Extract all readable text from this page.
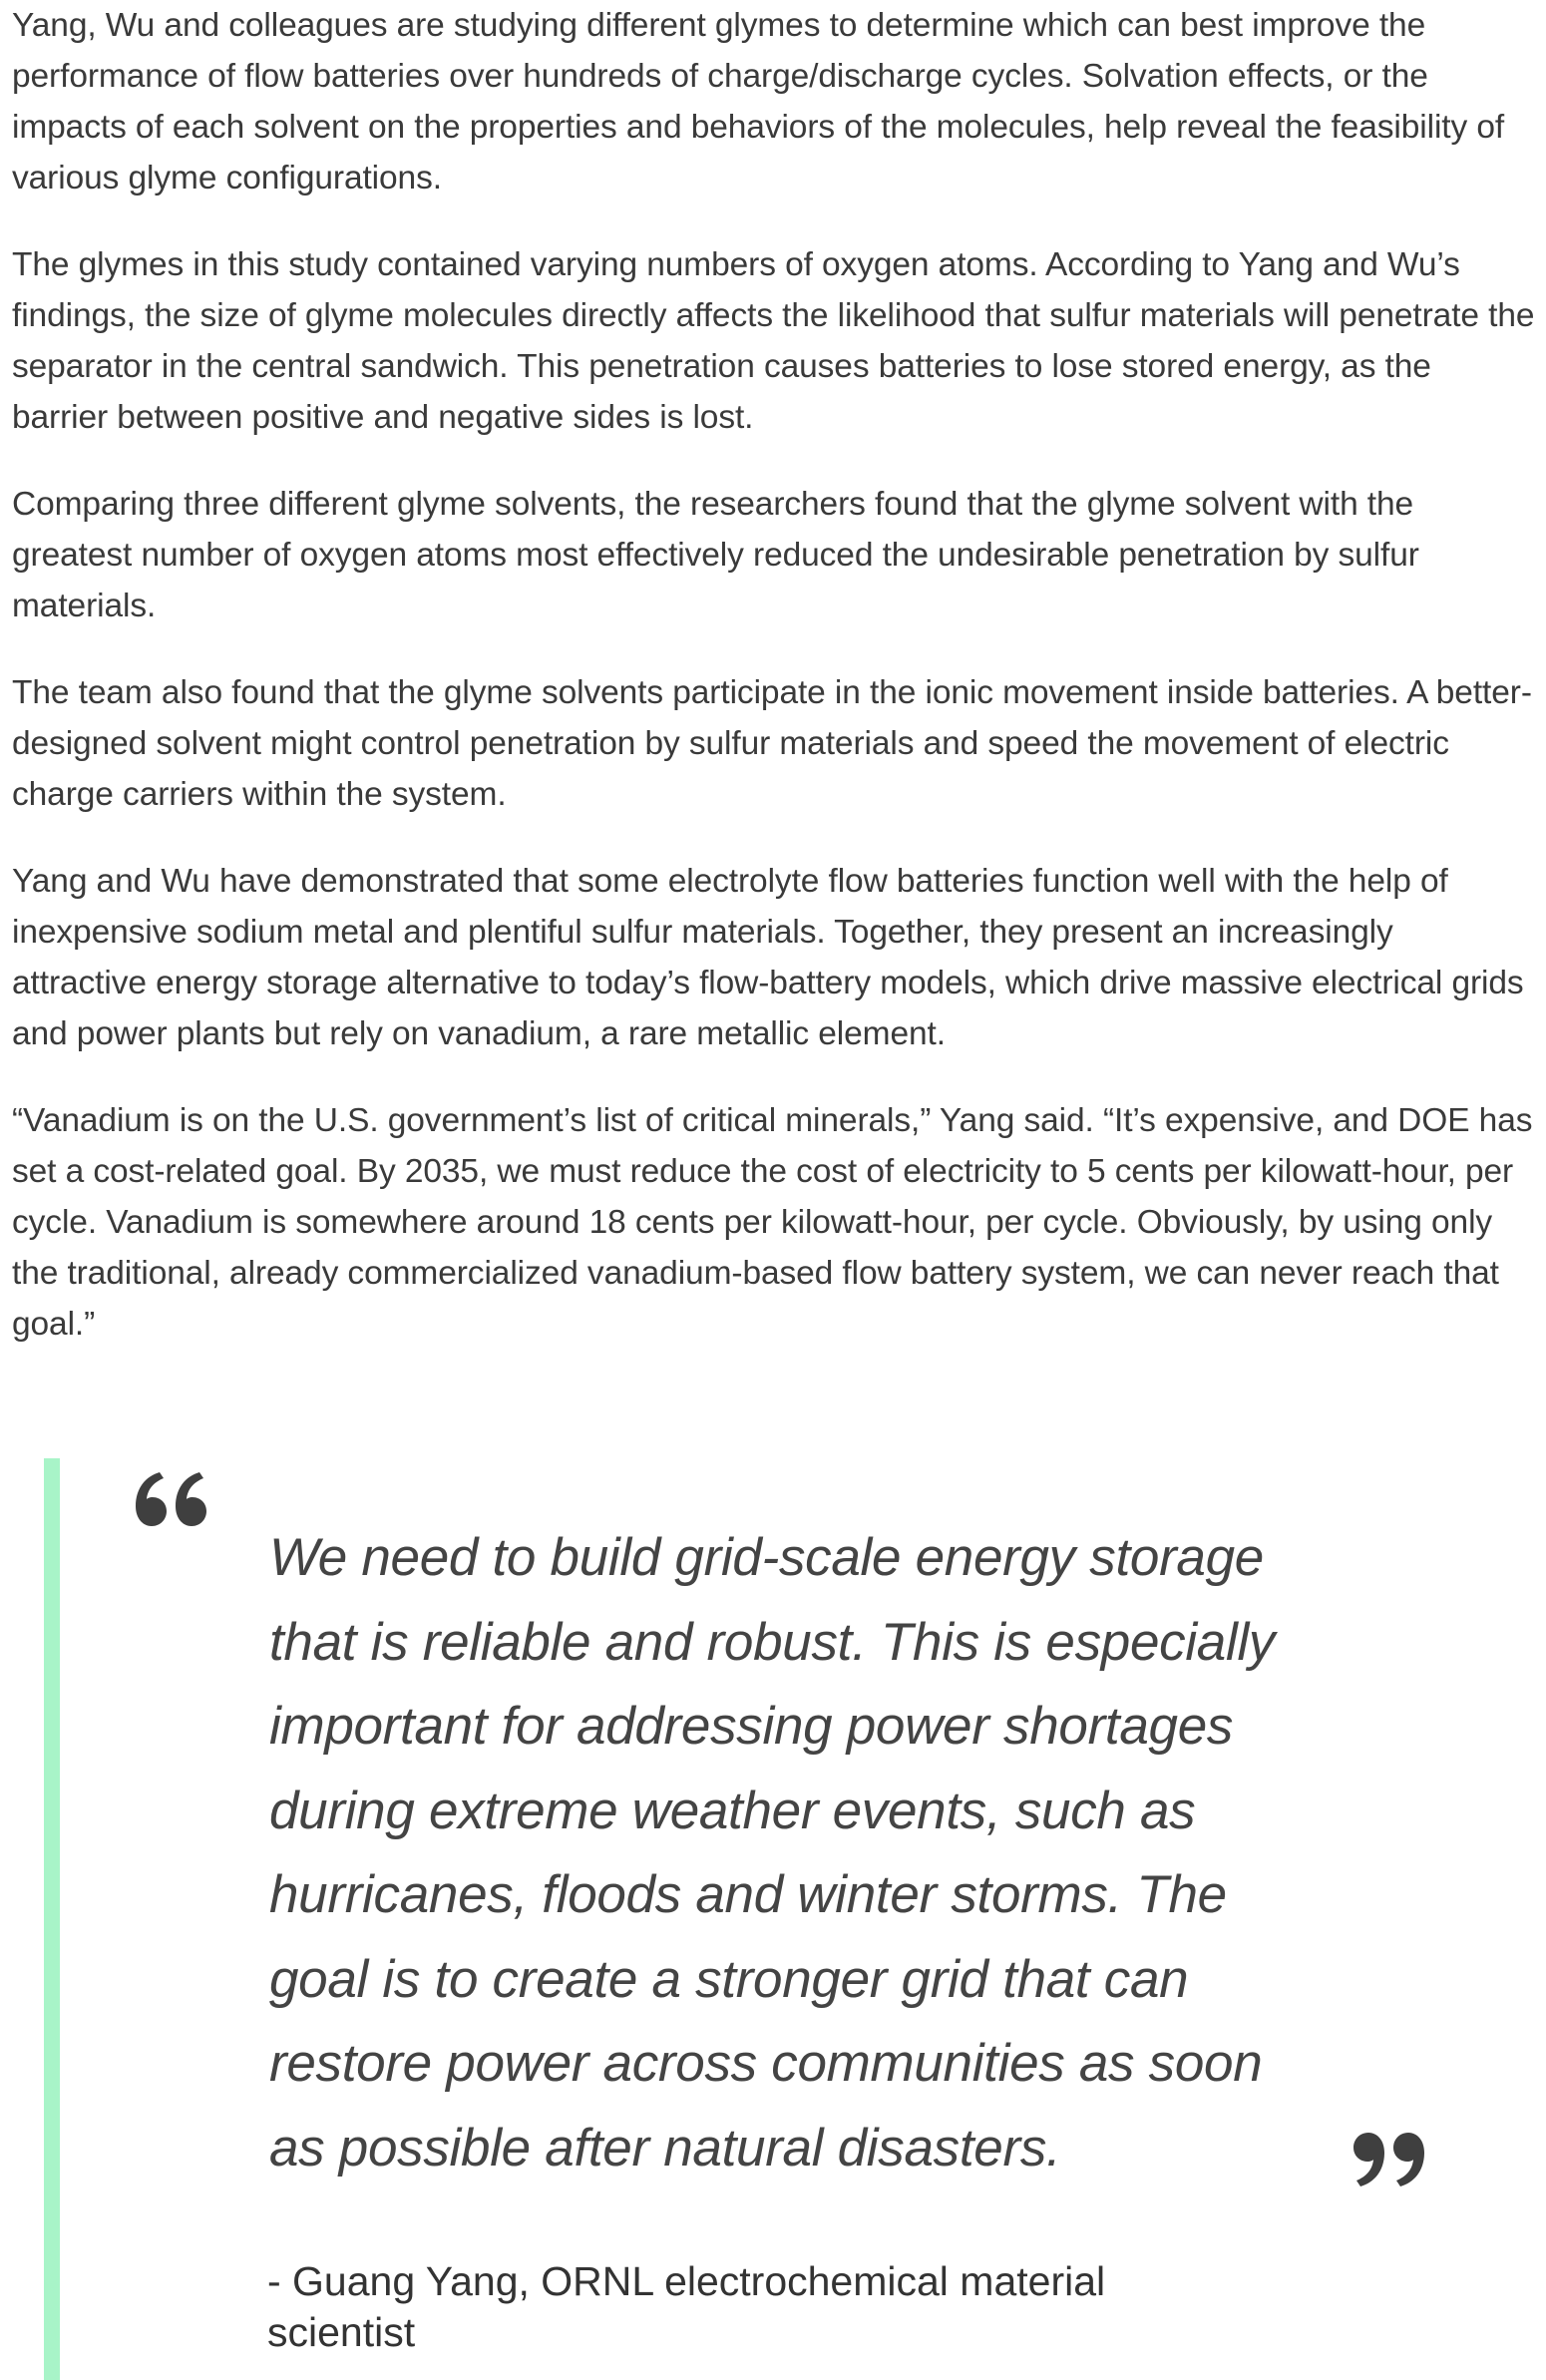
Yang, Wu and colleagues are studying different glymes to determine which can best improve the performance of flow batteries over hundreds of charge/discharge cycles. Solvation effects, or the impacts of each solvent on the properties and behaviors of the molecules, help reveal the feasibility of various glyme configurations.

The glymes in this study contained varying numbers of oxygen atoms. According to Yang and Wu’s findings, the size of glyme molecules directly affects the likelihood that sulfur materials will penetrate the separator in the central sandwich. This penetration causes batteries to lose stored energy, as the barrier between positive and negative sides is lost.

Comparing three different glyme solvents, the researchers found that the glyme solvent with the greatest number of oxygen atoms most effectively reduced the undesirable penetration by sulfur materials.

The team also found that the glyme solvents participate in the ionic movement inside batteries. A better-designed solvent might control penetration by sulfur materials and speed the movement of electric charge carriers within the system.

Yang and Wu have demonstrated that some electrolyte flow batteries function well with the help of inexpensive sodium metal and plentiful sulfur materials. Together, they present an increasingly attractive energy storage alternative to today’s flow-battery models, which drive massive electrical grids and power plants but rely on vanadium, a rare metallic element.

“Vanadium is on the U.S. government’s list of critical minerals,” Yang said. “It’s expensive, and DOE has set a cost-related goal. By 2035, we must reduce the cost of electricity to 5 cents per kilowatt-hour, per cycle. Vanadium is somewhere around 18 cents per kilowatt-hour, per cycle. Obviously, by using only the traditional, already commercialized vanadium-based flow battery system, we can never reach that goal.”

We need to build grid-scale energy storage that is reliable and robust. This is especially important for addressing power shortages during extreme weather events, such as hurricanes, floods and winter storms. The goal is to create a stronger grid that can restore power across communities as soon as possible after natural disasters.

- Guang Yang, ORNL electrochemical material scientist
